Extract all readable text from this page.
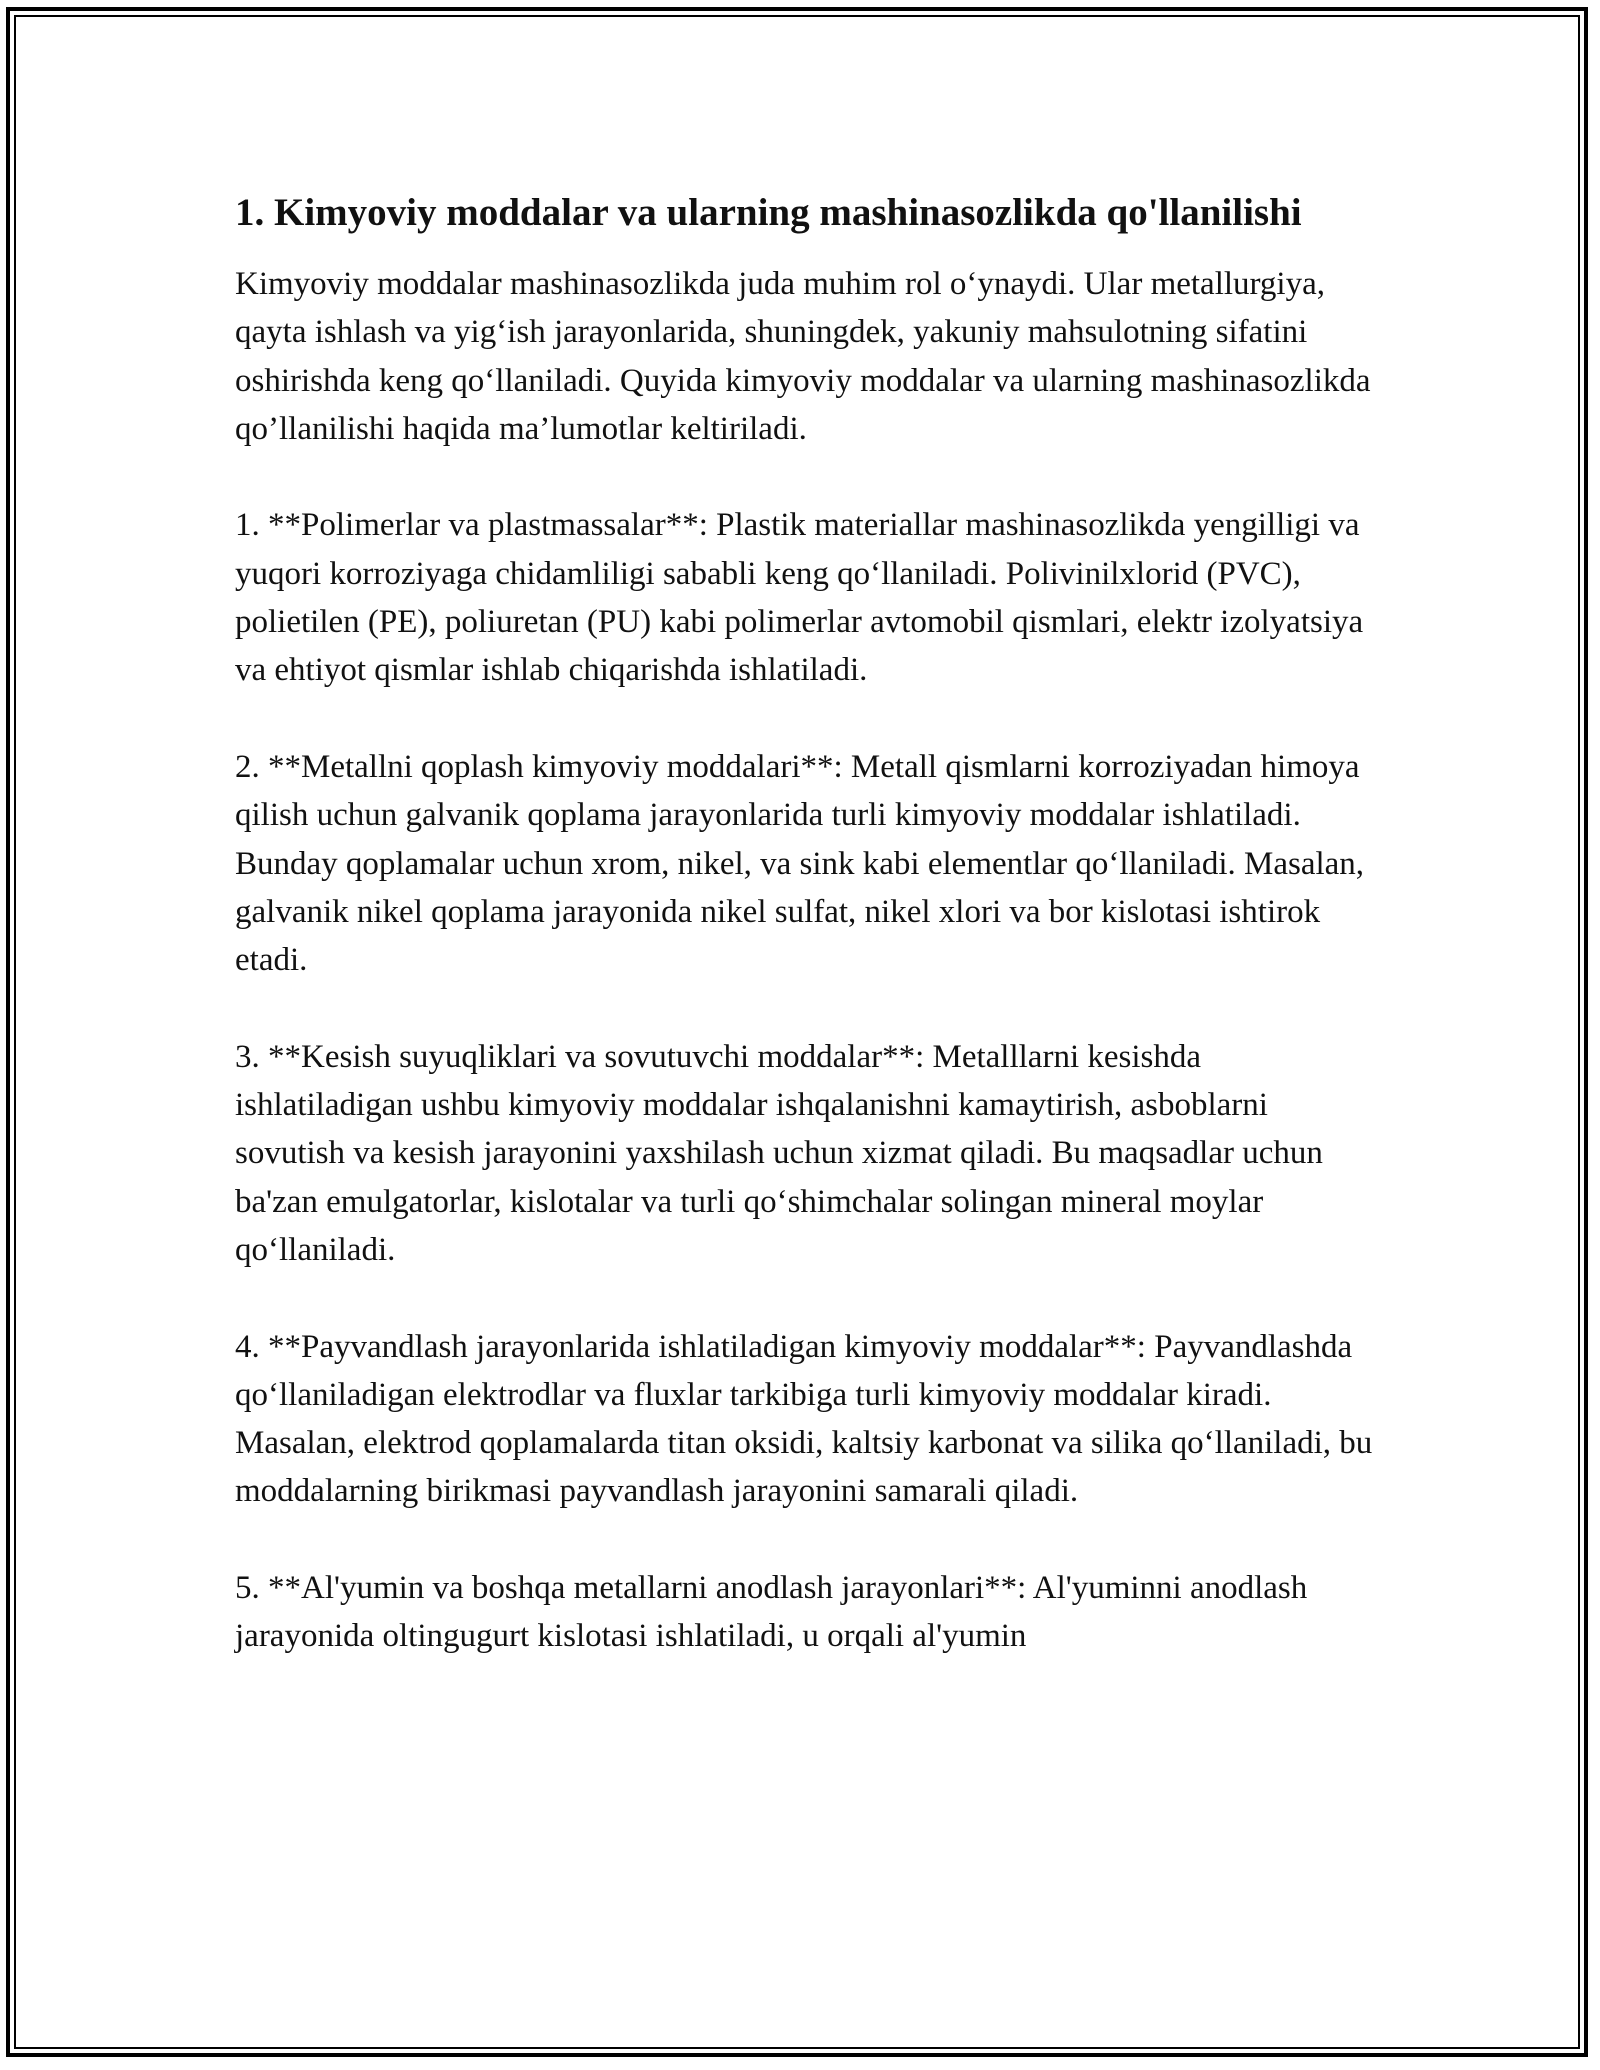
1. Kimyoviy moddalar va ularning mashinasozlikda qo'llanilishi

Kimyoviy moddalar mashinasozlikda juda muhim rol o‘ynaydi. Ular metallurgiya, qayta ishlash va yig‘ish jarayonlarida, shuningdek, yakuniy mahsulotning sifatini oshirishda keng qo‘llaniladi. Quyida kimyoviy moddalar va ularning mashinasozlikda qo’llanilishi haqida ma’lumotlar keltiriladi.

1. **Polimerlar va plastmassalar**: Plastik materiallar mashinasozlikda yengilligi va yuqori korroziyaga chidamliligi sababli keng qo‘llaniladi. Polivinilxlorid (PVC), polietilen (PE), poliuretan (PU) kabi polimerlar avtomobil qismlari, elektr izolyatsiya va ehtiyot qismlar ishlab chiqarishda ishlatiladi.

2. **Metallni qoplash kimyoviy moddalari**: Metall qismlarni korroziyadan himoya qilish uchun galvanik qoplama jarayonlarida turli kimyoviy moddalar ishlatiladi. Bunday qoplamalar uchun xrom, nikel, va sink kabi elementlar qo‘llaniladi. Masalan, galvanik nikel qoplama jarayonida nikel sulfat, nikel xlori va bor kislotasi ishtirok etadi.

3. **Kesish suyuqliklari va sovutuvchi moddalar**: Metalllarni kesishda ishlatiladigan ushbu kimyoviy moddalar ishqalanishni kamaytirish, asboblarni sovutish va kesish jarayonini yaxshilash uchun xizmat qiladi. Bu maqsadlar uchun ba'zan emulgatorlar, kislotalar va turli qo‘shimchalar solingan mineral moylar qo‘llaniladi.

4. **Payvandlash jarayonlarida ishlatiladigan kimyoviy moddalar**: Payvandlashda qo‘llaniladigan elektrodlar va fluxlar tarkibiga turli kimyoviy moddalar kiradi. Masalan, elektrod qoplamalarda titan oksidi, kaltsiy karbonat va silika qo‘llaniladi, bu moddalarning birikmasi payvandlash jarayonini samarali qiladi.

5. **Al'yumin va boshqa metallarni anodlash jarayonlari**: Al'yuminni anodlash jarayonida oltingugurt kislotasi ishlatiladi, u orqali al'yumin
